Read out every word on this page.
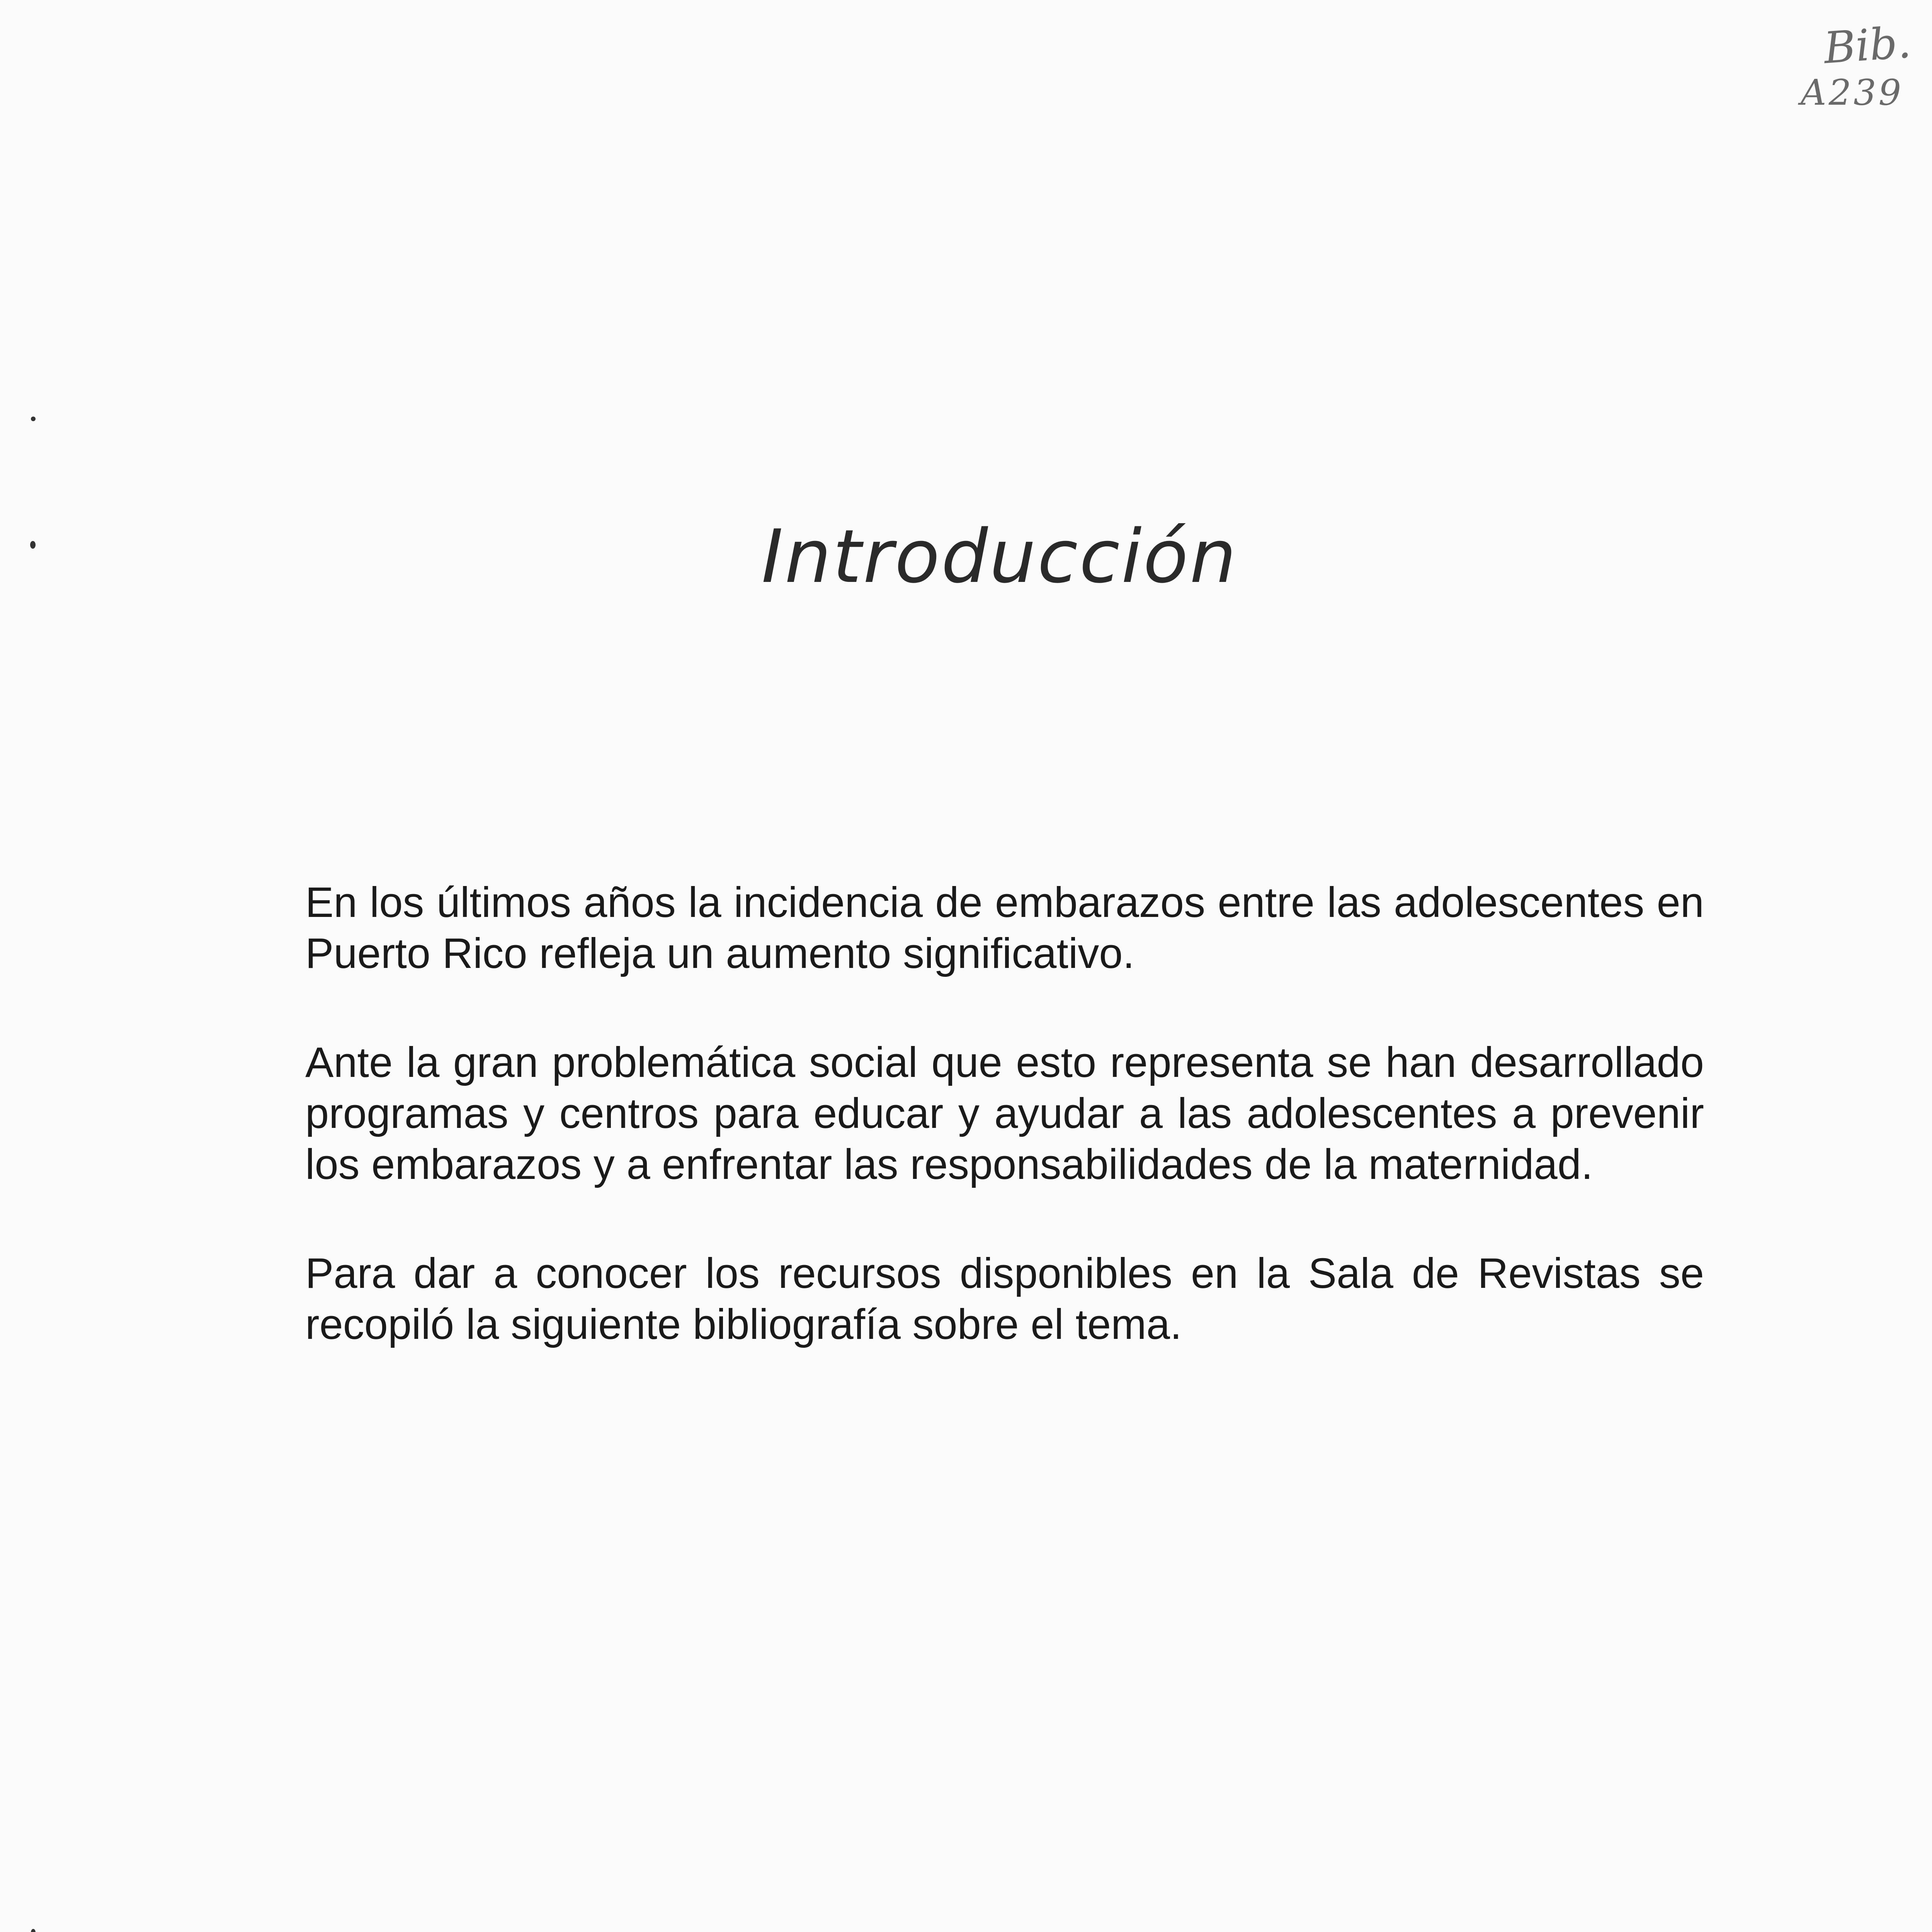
Bib.
A239
Introducción

En los últimos años la incidencia de embarazos entre las adolescentes en Puerto Rico refleja un aumento significativo.

Ante la gran problemática social que esto representa se han desarrollado programas y centros para educar y ayudar a las adolescentes a prevenir los embarazos y a enfrentar las responsabilidades de la maternidad.

Para dar a conocer los recursos disponibles en la Sala de Revistas se recopiló la siguiente bibliografía sobre el tema.
